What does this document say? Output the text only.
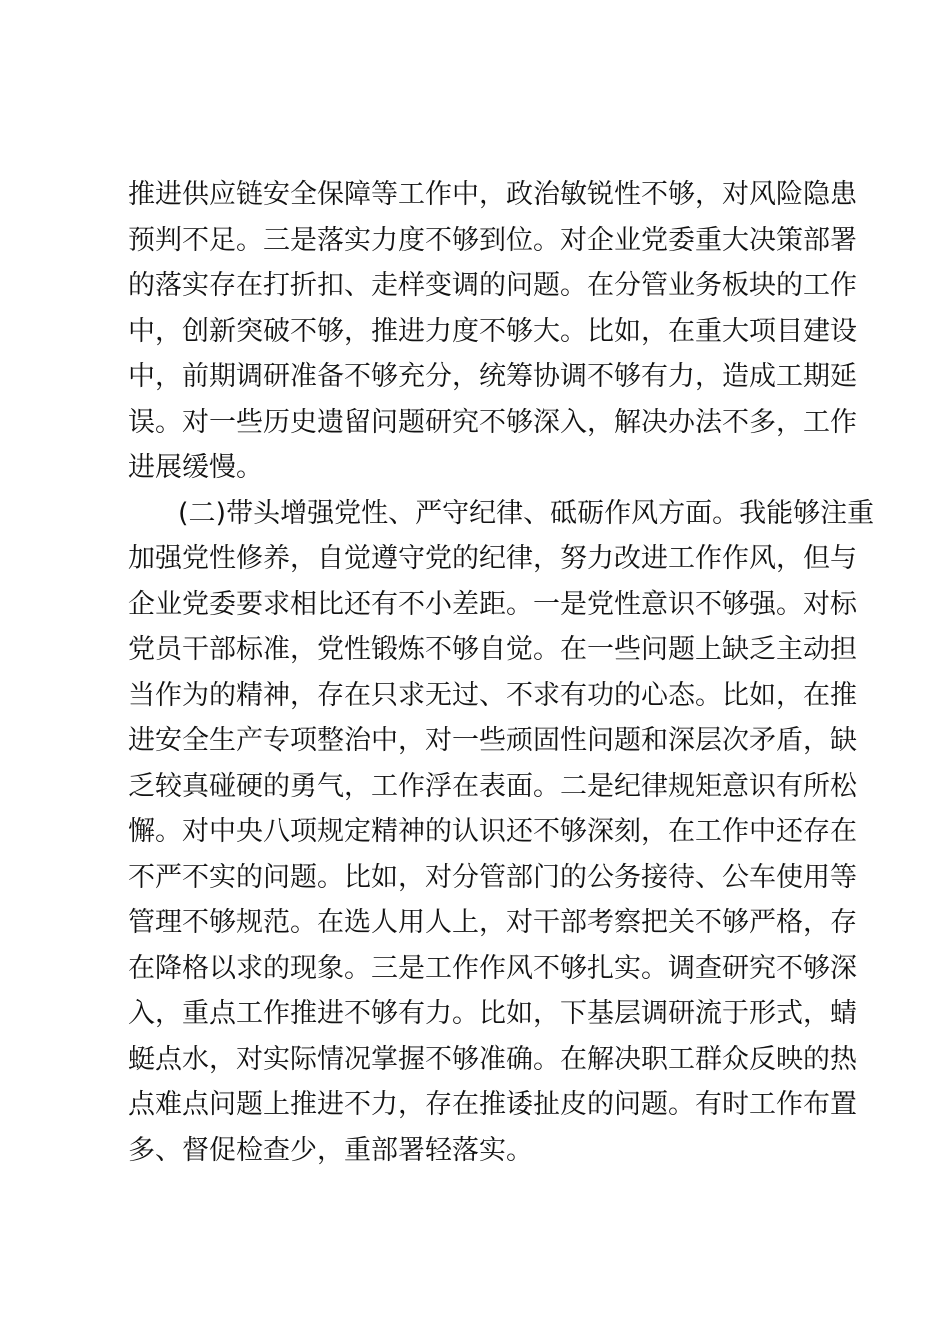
推进供应链安全保障等工作中，政治敏锐性不够，对风险隐患
预判不足。三是落实力度不够到位。对企业党委重大决策部署
的落实存在打折扣、走样变调的问题。在分管业务板块的工作
中，创新突破不够，推进力度不够大。比如，在重大项目建设
中，前期调研准备不够充分，统筹协调不够有力，造成工期延
误。对一些历史遗留问题研究不够深入，解决办法不多，工作
进展缓慢。
(二)带头增强党性、严守纪律、砥砺作风方面。我能够注重
加强党性修养，自觉遵守党的纪律，努力改进工作作风，但与
企业党委要求相比还有不小差距。一是党性意识不够强。对标
党员干部标准，党性锻炼不够自觉。在一些问题上缺乏主动担
当作为的精神，存在只求无过、不求有功的心态。比如，在推
进安全生产专项整治中，对一些顽固性问题和深层次矛盾，缺
乏较真碰硬的勇气，工作浮在表面。二是纪律规矩意识有所松
懈。对中央八项规定精神的认识还不够深刻，在工作中还存在
不严不实的问题。比如，对分管部门的公务接待、公车使用等
管理不够规范。在选人用人上，对干部考察把关不够严格，存
在降格以求的现象。三是工作作风不够扎实。调查研究不够深
入，重点工作推进不够有力。比如，下基层调研流于形式，蜻
蜓点水，对实际情况掌握不够准确。在解决职工群众反映的热
点难点问题上推进不力，存在推诿扯皮的问题。有时工作布置
多、督促检查少，重部署轻落实。
